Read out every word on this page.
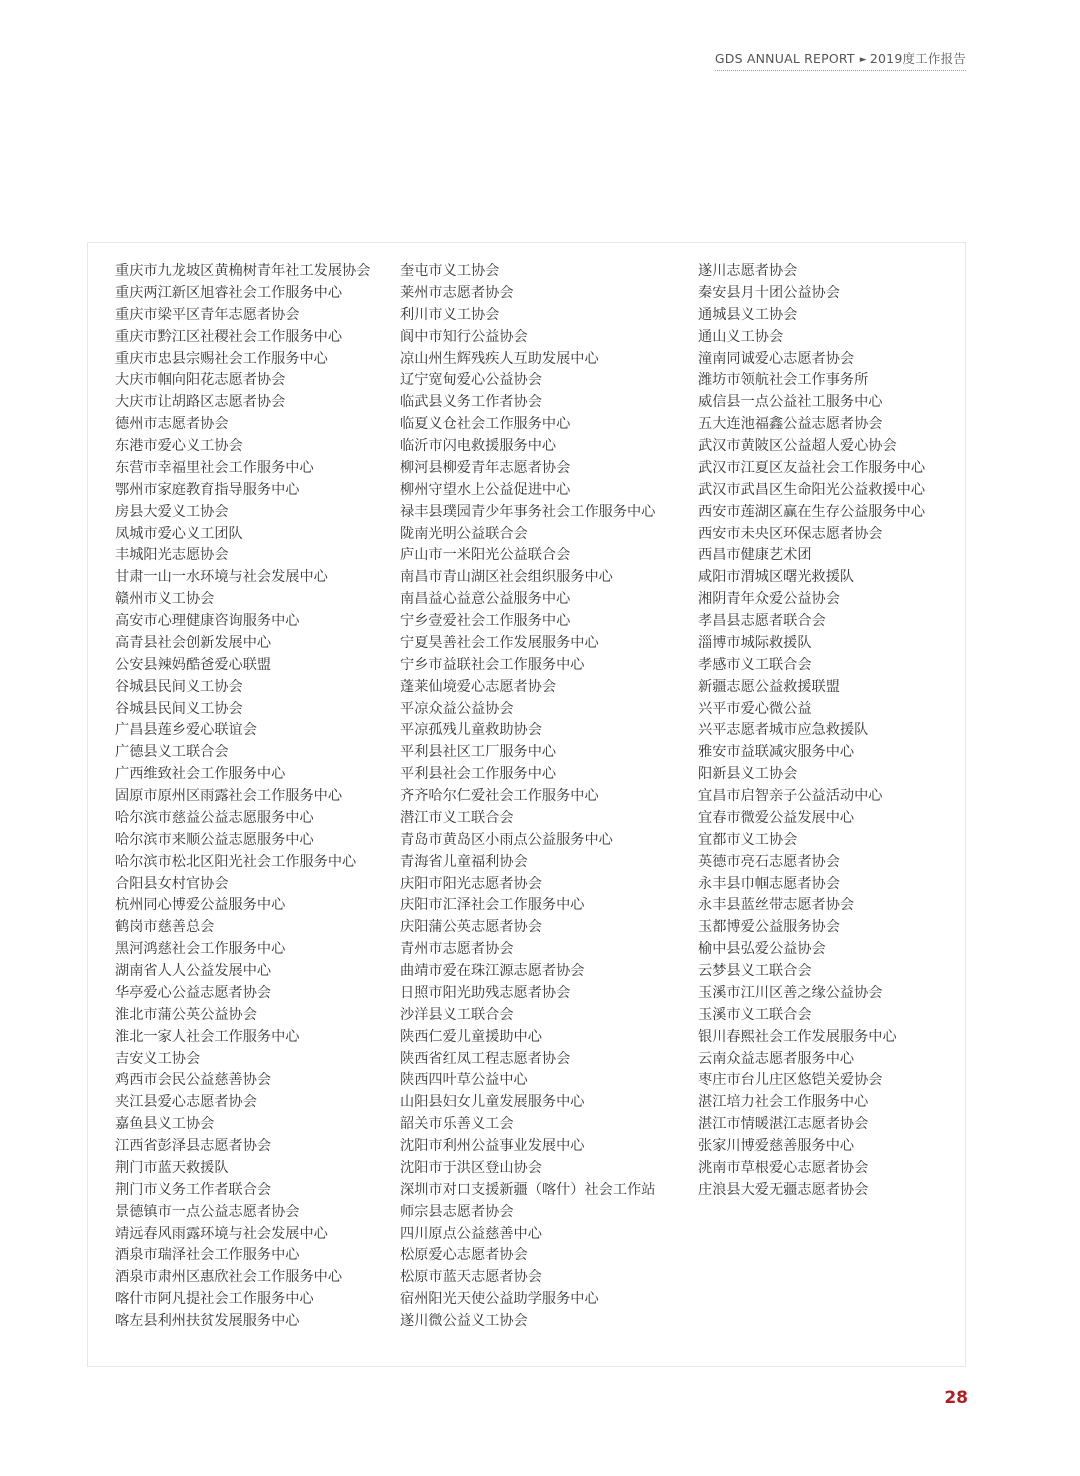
GDS ANNUAL REPORT ► 2019度工作报告
重庆市九龙坡区黄桷树青年社工发展协会
重庆两江新区旭睿社会工作服务中心
重庆市梁平区青年志愿者协会
重庆市黔江区社稷社会工作服务中心
重庆市忠县宗赐社会工作服务中心
大庆市帼向阳花志愿者协会
大庆市让胡路区志愿者协会
德州市志愿者协会
东港市爱心义工协会
东营市幸福里社会工作服务中心
鄂州市家庭教育指导服务中心
房县大爱义工协会
凤城市爱心义工团队
丰城阳光志愿协会
甘肃一山一水环境与社会发展中心
赣州市义工协会
高安市心理健康咨询服务中心
高青县社会创新发展中心
公安县辣妈酷爸爱心联盟
谷城县民间义工协会
谷城县民间义工协会
广昌县莲乡爱心联谊会
广德县义工联合会
广西维致社会工作服务中心
固原市原州区雨露社会工作服务中心
哈尔滨市慈益公益志愿服务中心
哈尔滨市来顺公益志愿服务中心
哈尔滨市松北区阳光社会工作服务中心
合阳县女村官协会
杭州同心博爱公益服务中心
鹤岗市慈善总会
黑河鸿慈社会工作服务中心
湖南省人人公益发展中心
华亭爱心公益志愿者协会
淮北市蒲公英公益协会
淮北一家人社会工作服务中心
吉安义工协会
鸡西市会民公益慈善协会
夹江县爱心志愿者协会
嘉鱼县义工协会
江西省彭泽县志愿者协会
荆门市蓝天救援队
荆门市义务工作者联合会
景德镇市一点公益志愿者协会
靖远春风雨露环境与社会发展中心
酒泉市瑞泽社会工作服务中心
酒泉市肃州区惠欣社会工作服务中心
喀什市阿凡提社会工作服务中心
喀左县利州扶贫发展服务中心
奎屯市义工协会
莱州市志愿者协会
利川市义工协会
阆中市知行公益协会
凉山州生辉残疾人互助发展中心
辽宁宽甸爱心公益协会
临武县义务工作者协会
临夏义仓社会工作服务中心
临沂市闪电救援服务中心
柳河县柳爱青年志愿者协会
柳州守望水上公益促进中心
禄丰县璞园青少年事务社会工作服务中心
陇南光明公益联合会
庐山市一米阳光公益联合会
南昌市青山湖区社会组织服务中心
南昌益心益意公益服务中心
宁乡壹爱社会工作服务中心
宁夏昊善社会工作发展服务中心
宁乡市益联社会工作服务中心
蓬莱仙境爱心志愿者协会
平凉众益公益协会
平凉孤残儿童救助协会
平利县社区工厂服务中心
平利县社会工作服务中心
齐齐哈尔仁爱社会工作服务中心
潜江市义工联合会
青岛市黄岛区小雨点公益服务中心
青海省儿童福利协会
庆阳市阳光志愿者协会
庆阳市汇泽社会工作服务中心
庆阳蒲公英志愿者协会
青州市志愿者协会
曲靖市爱在珠江源志愿者协会
日照市阳光助残志愿者协会
沙洋县义工联合会
陕西仁爱儿童援助中心
陕西省红凤工程志愿者协会
陕西四叶草公益中心
山阳县妇女儿童发展服务中心
韶关市乐善义工会
沈阳市利州公益事业发展中心
沈阳市于洪区登山协会
深圳市对口支援新疆（喀什）社会工作站
师宗县志愿者协会
四川原点公益慈善中心
松原爱心志愿者协会
松原市蓝天志愿者协会
宿州阳光天使公益助学服务中心
遂川微公益义工协会
遂川志愿者协会
秦安县月十团公益协会
通城县义工协会
通山义工协会
潼南同诚爱心志愿者协会
潍坊市领航社会工作事务所
威信县一点公益社工服务中心
五大连池福鑫公益志愿者协会
武汉市黄陂区公益超人爱心协会
武汉市江夏区友益社会工作服务中心
武汉市武昌区生命阳光公益救援中心
西安市莲湖区赢在生存公益服务中心
西安市未央区环保志愿者协会
西昌市健康艺术团
咸阳市渭城区曙光救援队
湘阴青年众爱公益协会
孝昌县志愿者联合会
淄博市城际救援队
孝感市义工联合会
新疆志愿公益救援联盟
兴平市爱心微公益
兴平志愿者城市应急救援队
雅安市益联减灾服务中心
阳新县义工协会
宜昌市启智亲子公益活动中心
宜春市微爱公益发展中心
宜都市义工协会
英德市亮石志愿者协会
永丰县巾帼志愿者协会
永丰县蓝丝带志愿者协会
玉都博爱公益服务协会
榆中县弘爱公益协会
云梦县义工联合会
玉溪市江川区善之缘公益协会
玉溪市义工联合会
银川春熙社会工作发展服务中心
云南众益志愿者服务中心
枣庄市台儿庄区悠铠关爱协会
湛江培力社会工作服务中心
湛江市情暖湛江志愿者协会
张家川博爱慈善服务中心
洮南市草根爱心志愿者协会
庄浪县大爱无疆志愿者协会
28
